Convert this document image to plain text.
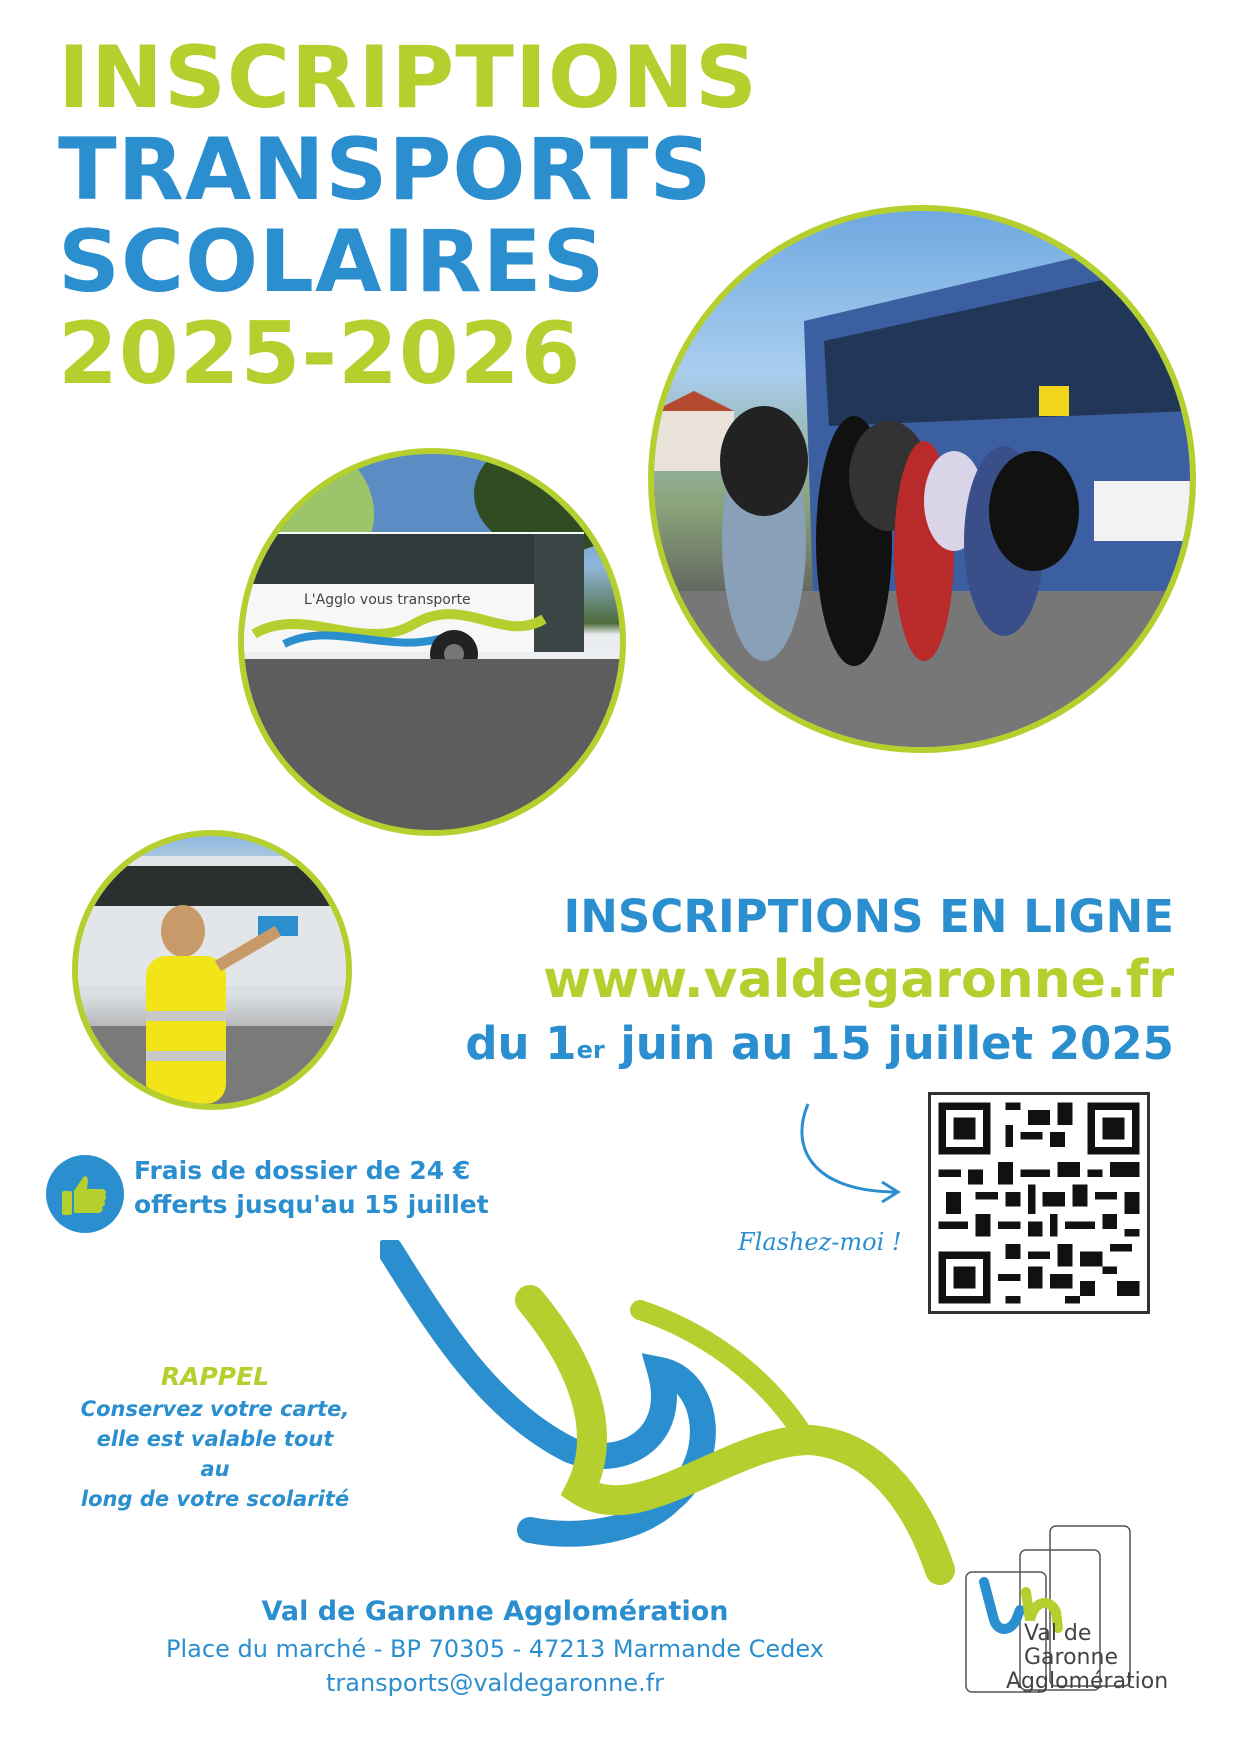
INSCRIPTIONS
TRANSPORTS
SCOLAIRES
2025-2026
L'Agglo vous transporte
INSCRIPTIONS EN LIGNE
www.valdegaronne.fr
du 1er juin au 15 juillet 2025
Flashez-moi !
Frais de dossier de 24 €
offerts jusqu'au 15 juillet
RAPPEL
Conservez votre carte,
elle est valable tout au
long de votre scolarité
Val de Garonne Agglomération
Place du marché - BP 70305 - 47213 Marmande Cedex
transports@valdegaronne.fr
Val de
Garonne
Agglomération
